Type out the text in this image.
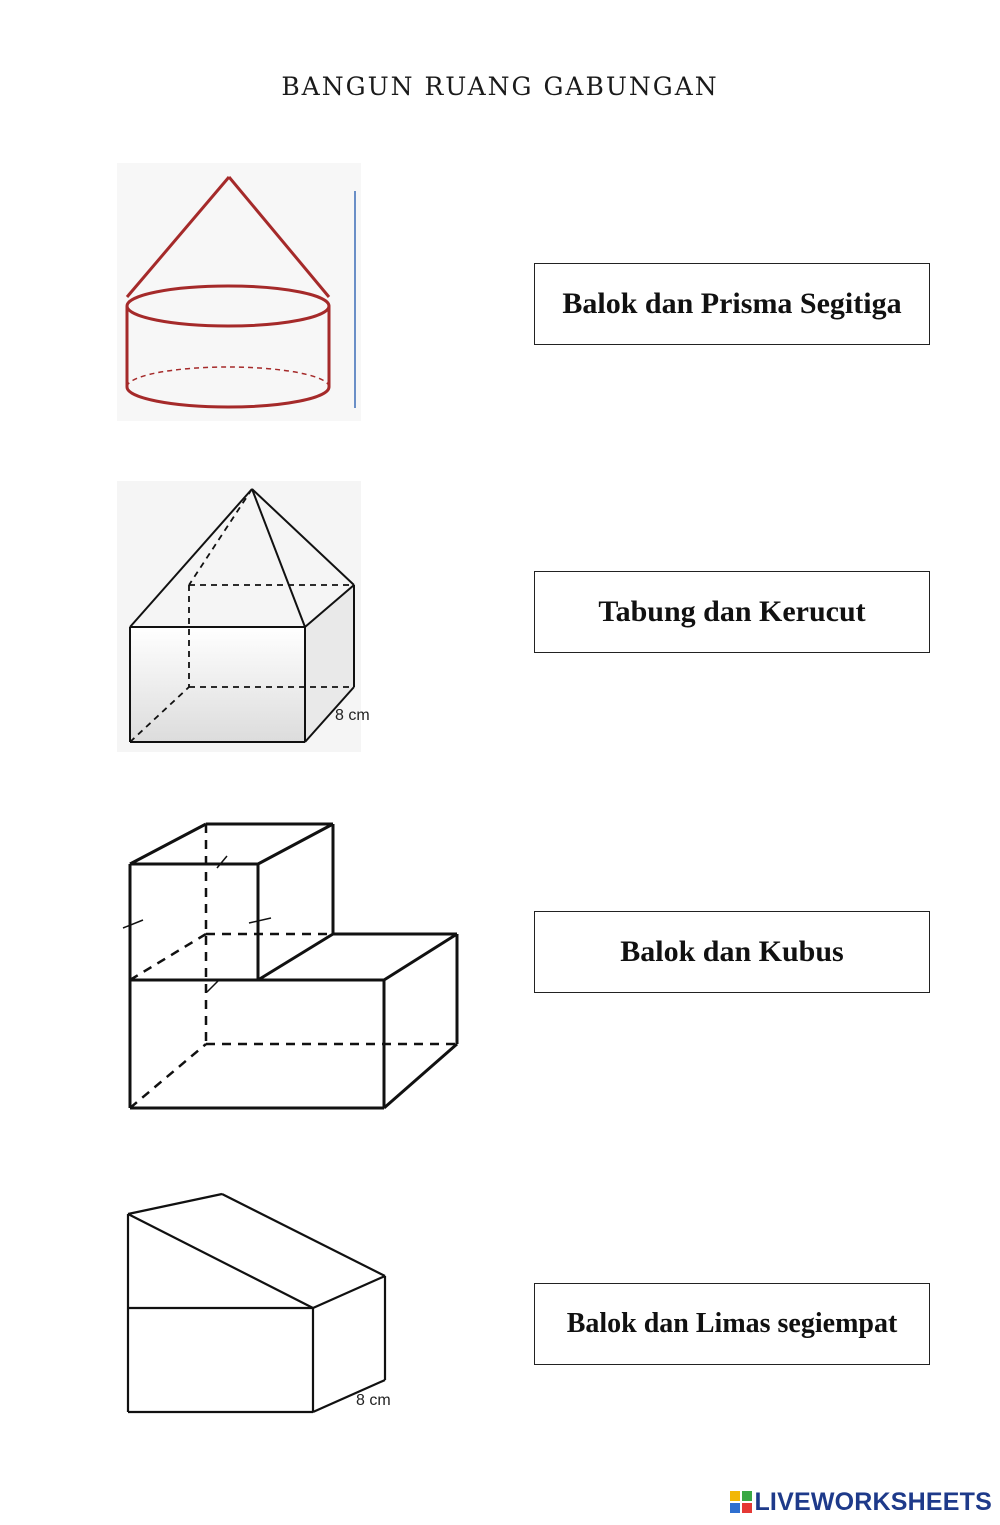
BANGUN RUANG GABUNGAN
8 cm
8 cm
Balok dan Prisma Segitiga
Tabung dan Kerucut
Balok dan Kubus
Balok dan Limas segiempat
LIVEWORKSHEETS
